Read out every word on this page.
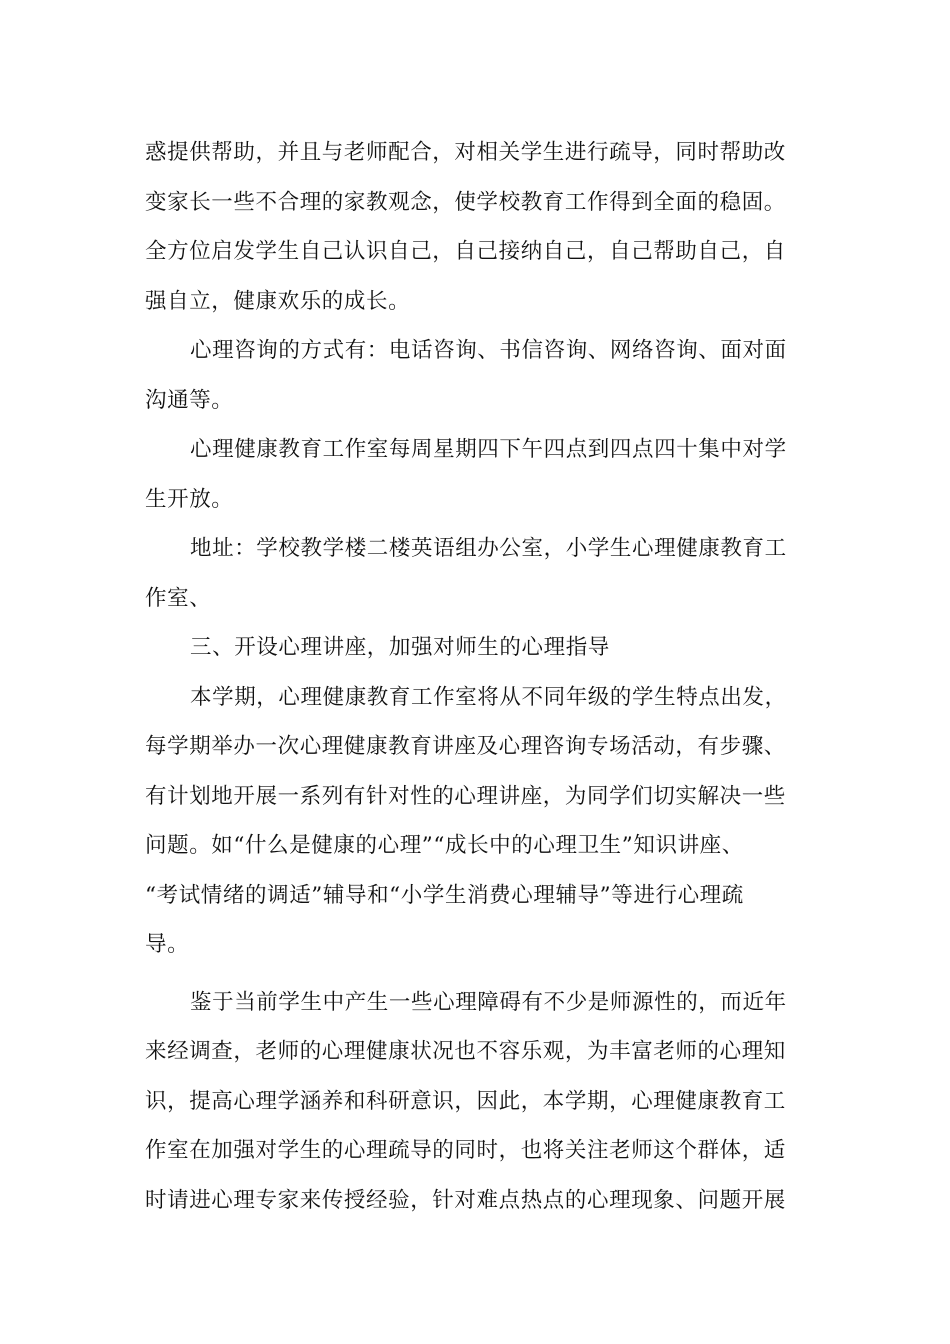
惑提供帮助，并且与老师配合，对相关学生进行疏导，同时帮助改
变家长一些不合理的家教观念，使学校教育工作得到全面的稳固。
全方位启发学生自己认识自己，自己接纳自己，自己帮助自己，自
强自立，健康欢乐的成长。
心理咨询的方式有：电话咨询、书信咨询、网络咨询、面对面
沟通等。
心理健康教育工作室每周星期四下午四点到四点四十集中对学
生开放。
地址：学校教学楼二楼英语组办公室，小学生心理健康教育工
作室、
三、开设心理讲座，加强对师生的心理指导
本学期，心理健康教育工作室将从不同年级的学生特点出发，
每学期举办一次心理健康教育讲座及心理咨询专场活动，有步骤、
有计划地开展一系列有针对性的心理讲座，为同学们切实解决一些
问题。如“什么是健康的心理”“成长中的心理卫生”知识讲座、
“考试情绪的调适”辅导和“小学生消费心理辅导”等进行心理疏
导。
鉴于当前学生中产生一些心理障碍有不少是师源性的，而近年
来经调查，老师的心理健康状况也不容乐观，为丰富老师的心理知
识，提高心理学涵养和科研意识，因此，本学期，心理健康教育工
作室在加强对学生的心理疏导的同时，也将关注老师这个群体，适
时请进心理专家来传授经验，针对难点热点的心理现象、问题开展
